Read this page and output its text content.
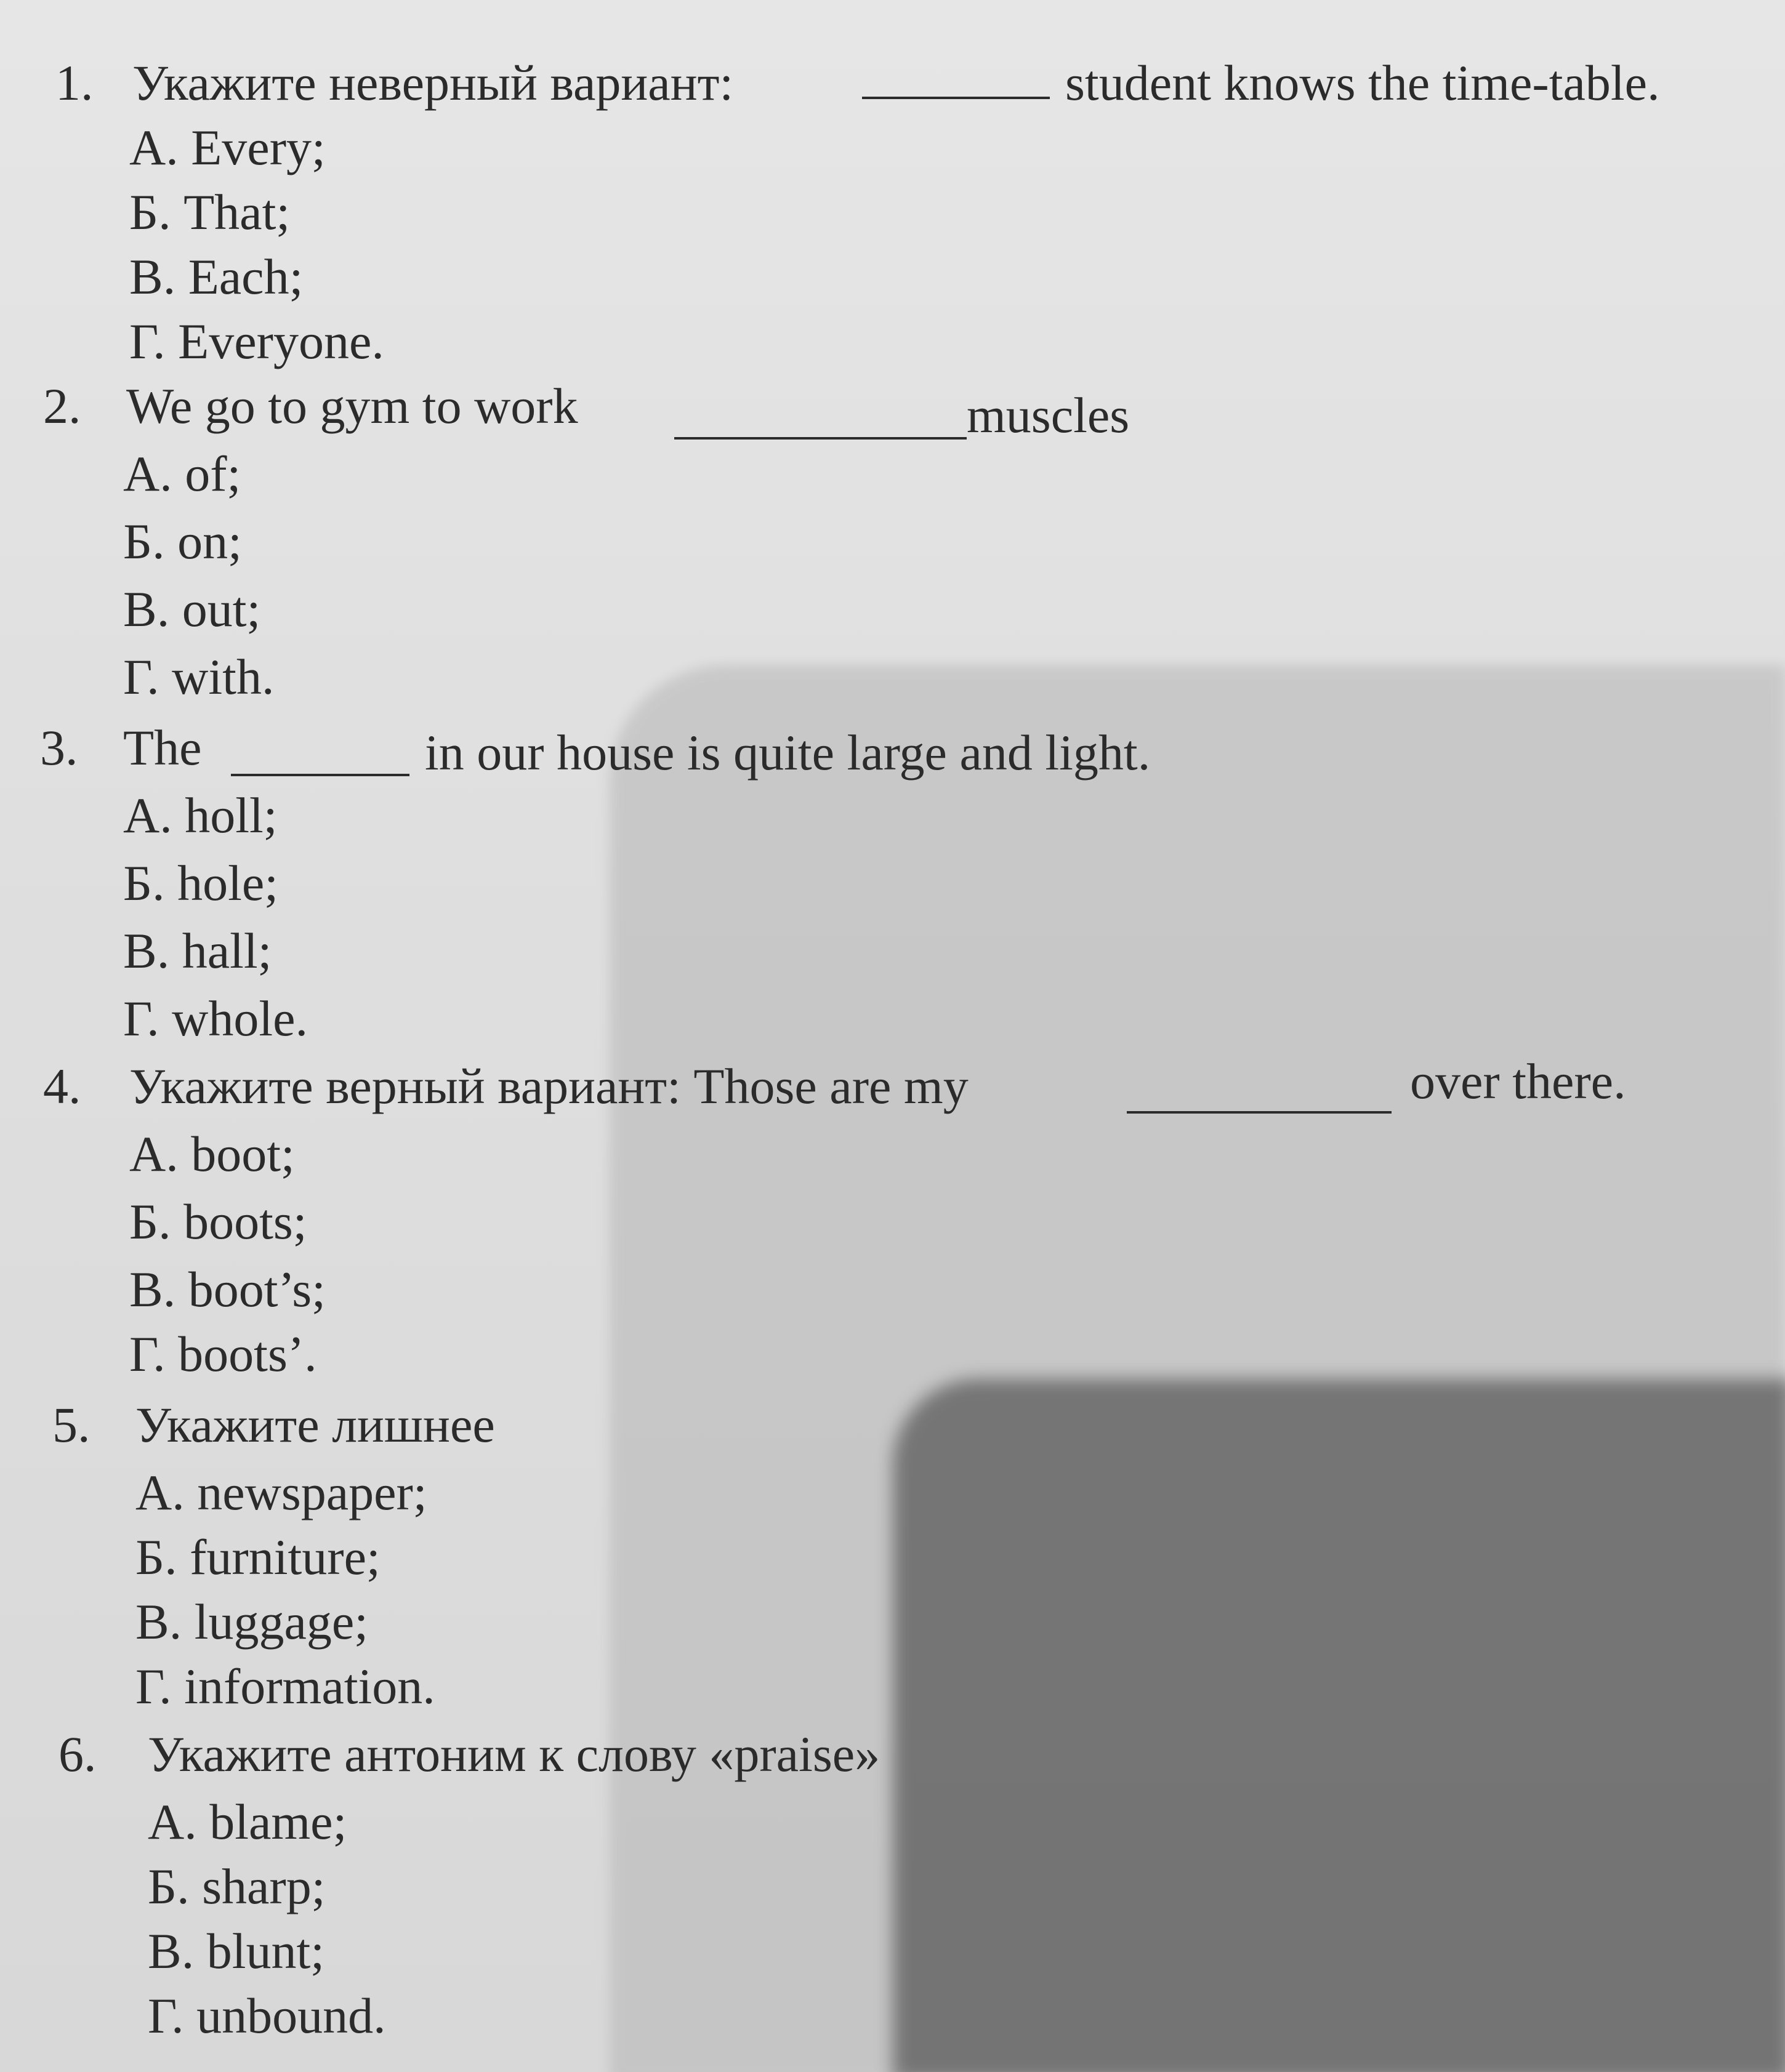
1. Укажите неверный вариант:	student knows the time-table.
A. Every;
Б. That;
B. Each;
Г. Everyone.
2. We go to gym to work	muscles
A. of;
Б. on;
B. out;
Г. with.
3. The	in our house is quite large and light.
A. holl;
Б. hole;
B. hall;
Г. whole.
4. Укажите верный вариант: Those are my	over there.
A. boot;
Б. boots;
B. boot’s;
Г. boots’.
5. Укажите лишнее
A. newspaper;
Б. furniture;
B. luggage;
Г. information.
6. Укажите антоним к слову «praise»
A. blame;
Б. sharp;
B. blunt;
Г. unbound.
